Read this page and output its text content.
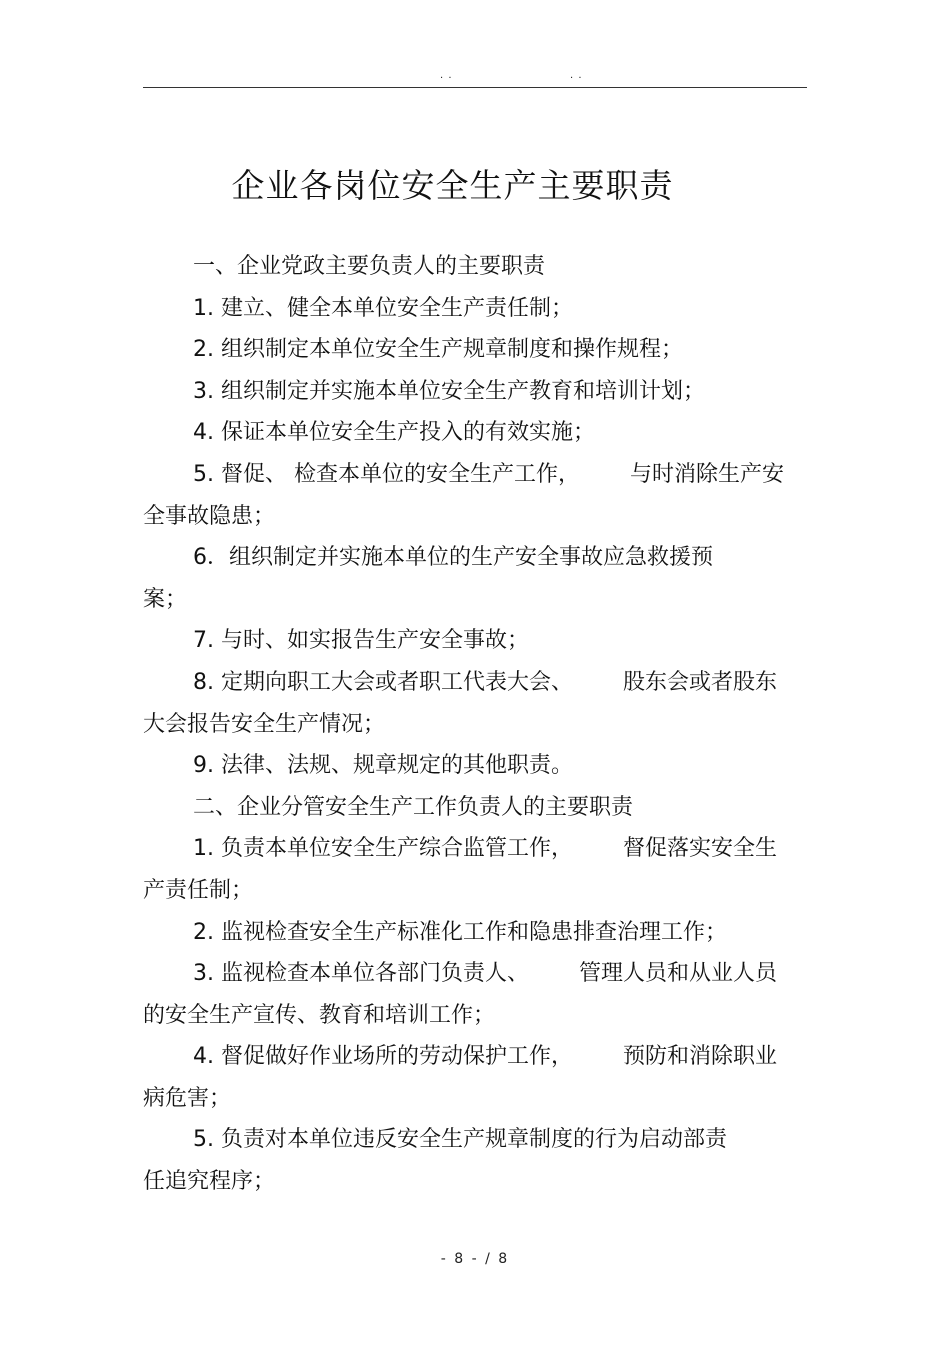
. .	. .
企业各岗位安全生产主要职责

一、企业党政主要负责人的主要职责

1. 建立、健全本单位安全生产责任制；

2. 组织制定本单位安全生产规章制度和操作规程；

3. 组织制定并实施本单位安全生产教育和培训计划；

4. 保证本单位安全生产投入的有效实施；

5. 督促、 检查本单位的安全生产工作， 与时消除生产安

全事故隐患；

6．组织制定并实施本单位的生产安全事故应急救援预

案；

7. 与时、如实报告生产安全事故；

8. 定期向职工大会或者职工代表大会、 股东会或者股东

大会报告安全生产情况；

9. 法律、法规、规章规定的其他职责。

二、企业分管安全生产工作负责人的主要职责

1. 负责本单位安全生产综合监管工作， 督促落实安全生

产责任制；

2. 监视检查安全生产标准化工作和隐患排查治理工作；

3. 监视检查本单位各部门负责人、 管理人员和从业人员

的安全生产宣传、教育和培训工作；

4. 督促做好作业场所的劳动保护工作， 预防和消除职业

病危害；

5. 负责对本单位违反安全生产规章制度的行为启动部责

任追究程序；

- 8 - / 8
